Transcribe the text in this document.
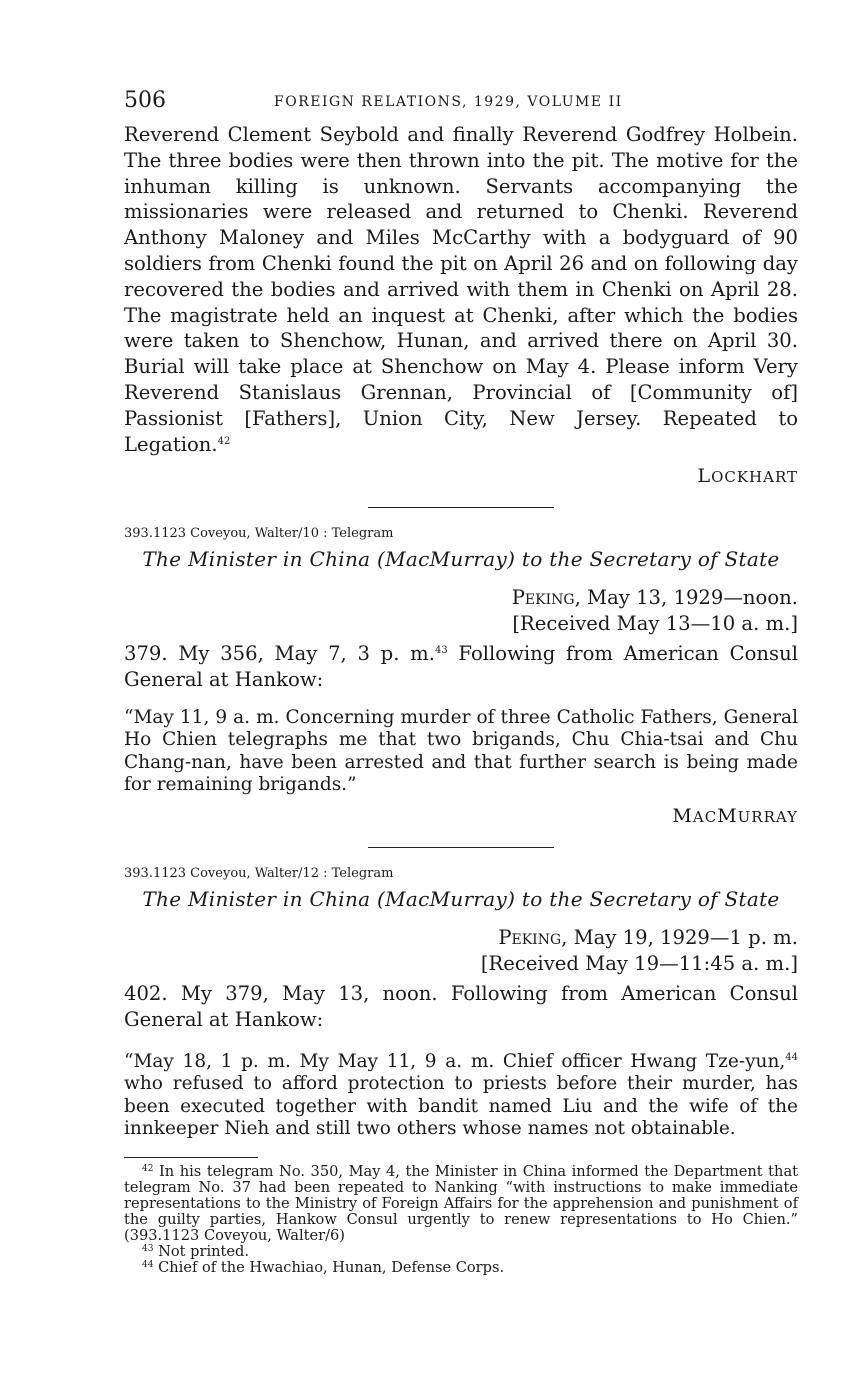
506	FOREIGN RELATIONS, 1929, VOLUME II

Reverend Clement Seybold and finally Reverend Godfrey Holbein. The three bodies were then thrown into the pit. The motive for the inhuman killing is unknown. Servants accompanying the missionaries were released and returned to Chenki. Reverend Anthony Maloney and Miles McCarthy with a bodyguard of 90 soldiers from Chenki found the pit on April 26 and on following day recovered the bodies and arrived with them in Chenki on April 28. The magistrate held an inquest at Chenki, after which the bodies were taken to Shenchow, Hunan, and arrived there on April 30. Burial will take place at Shenchow on May 4. Please inform Very Reverend Stanislaus Grennan, Provincial of [Community of] Passionist [Fathers], Union City, New Jersey. Repeated to Legation.$^{42}$

LOCKHART

393.1123 Coveyou, Walter/10 : Telegram

The Minister in China (MacMurray) to the Secretary of State

Peking, May 13, 1929—noon.

[Received May 13—10 a. m.]

379. My 356, May 7, 3 p. m.$^{43}$ Following from American Consul General at Hankow:

“May 11, 9 a. m. Concerning murder of three Catholic Fathers, General Ho Chien telegraphs me that two brigands, Chu Chia-tsai and Chu Chang-nan, have been arrested and that further search is being made for remaining brigands.”

MACMURRAY

393.1123 Coveyou, Walter/12 : Telegram

The Minister in China (MacMurray) to the Secretary of State

Peking, May 19, 1929—1 p. m.

[Received May 19—11:45 a. m.]

402. My 379, May 13, noon. Following from American Consul General at Hankow:

“May 18, 1 p. m. My May 11, 9 a. m. Chief officer Hwang Tze-yun,$^{44}$ who refused to afford protection to priests before their murder, has been executed together with bandit named Liu and the wife of the innkeeper Nieh and still two others whose names not obtainable.

$^{42}$ In his telegram No. 350, May 4, the Minister in China informed the Department that telegram No. 37 had been repeated to Nanking “with instructions to make immediate representations to the Ministry of Foreign Affairs for the apprehension and punishment of the guilty parties, Hankow Consul urgently to renew representations to Ho Chien.” (393.1123 Coveyou, Walter/6)

$^{43}$ Not printed.

$^{44}$ Chief of the Hwachiao, Hunan, Defense Corps.
